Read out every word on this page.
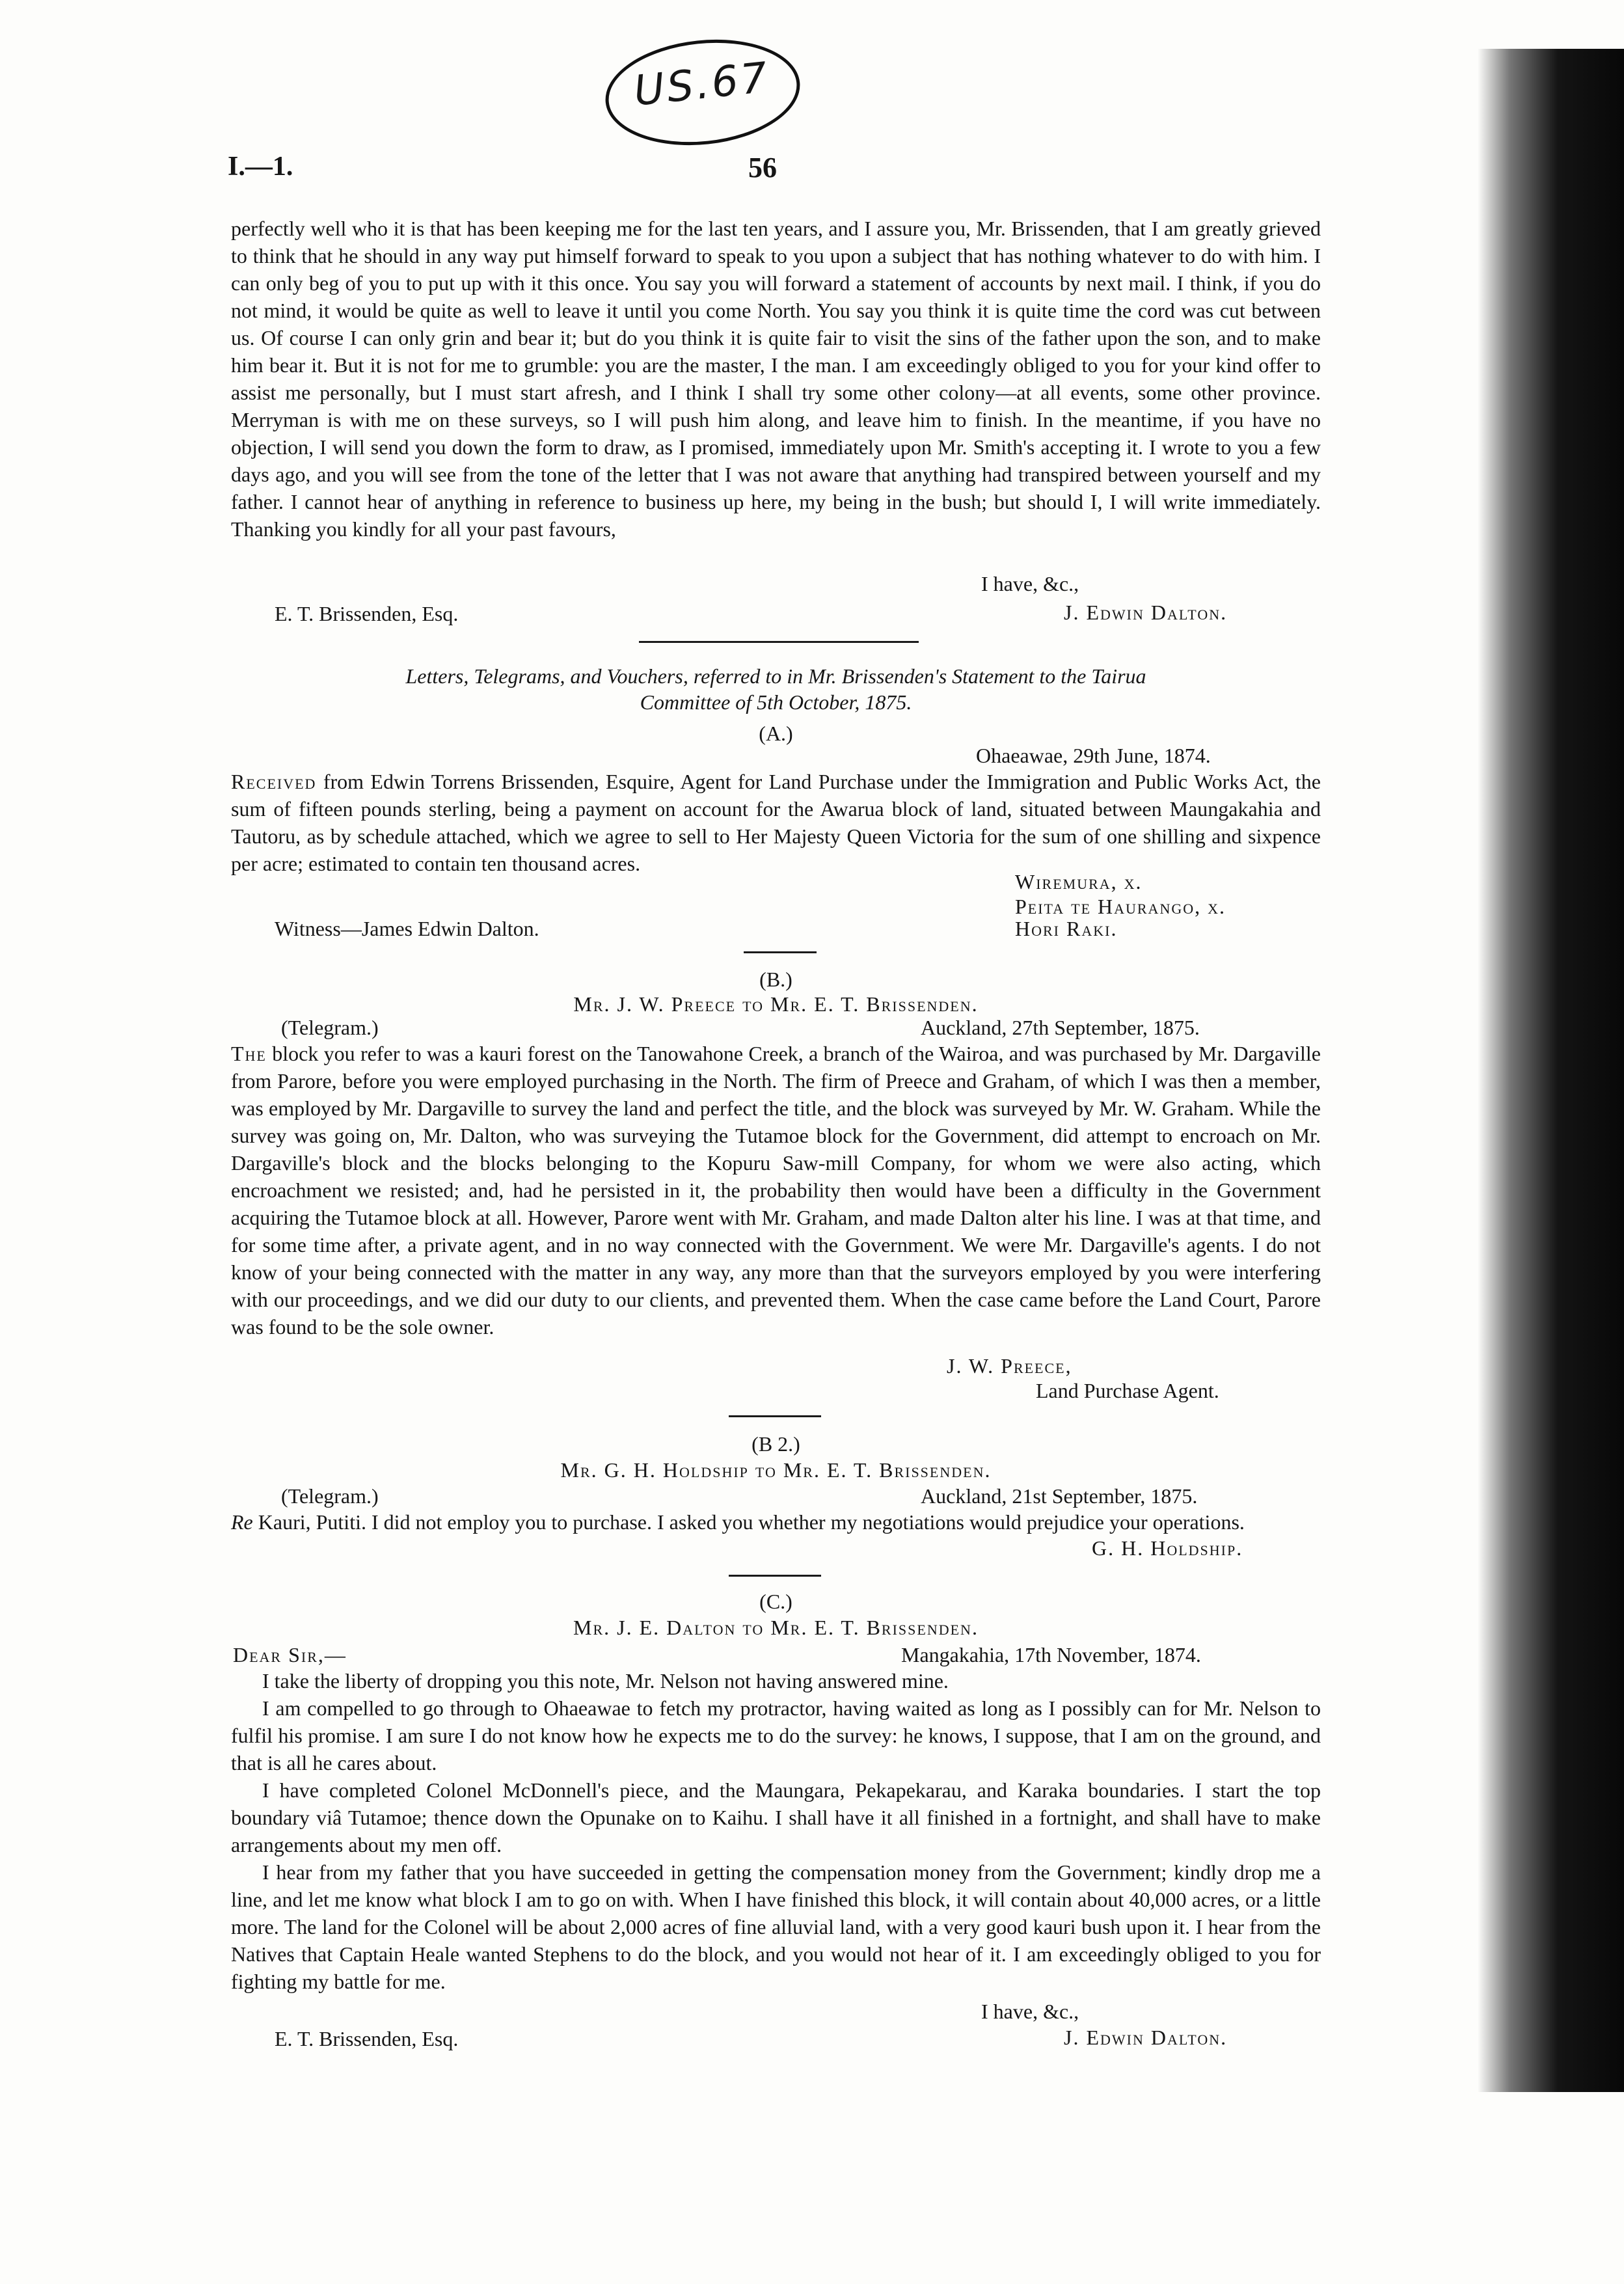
US.67
I.—1.	56
perfectly well who it is that has been keeping me for the last ten years, and I assure you, Mr. Brissenden, that I am greatly grieved to think that he should in any way put himself forward to speak to you upon a subject that has nothing whatever to do with him. I can only beg of you to put up with it this once. You say you will forward a statement of accounts by next mail. I think, if you do not mind, it would be quite as well to leave it until you come North. You say you think it is quite time the cord was cut between us. Of course I can only grin and bear it; but do you think it is quite fair to visit the sins of the father upon the son, and to make him bear it. But it is not for me to grumble: you are the master, I the man. I am exceedingly obliged to you for your kind offer to assist me personally, but I must start afresh, and I think I shall try some other colony—at all events, some other province. Merryman is with me on these surveys, so I will push him along, and leave him to finish. In the meantime, if you have no objection, I will send you down the form to draw, as I promised, immediately upon Mr. Smith's accepting it. I wrote to you a few days ago, and you will see from the tone of the letter that I was not aware that anything had transpired between yourself and my father. I cannot hear of anything in reference to business up here, my being in the bush; but should I, I will write immediately. Thanking you kindly for all your past favours,
I have, &c.,
E. T. Brissenden, Esq.	J. Edwin Dalton.
Letters, Telegrams, and Vouchers, referred to in Mr. Brissenden's Statement to the Tairua
Committee of 5th October, 1875.
(A.)
Ohaeawae, 29th June, 1874.
Received from Edwin Torrens Brissenden, Esquire, Agent for Land Purchase under the Immigration and Public Works Act, the sum of fifteen pounds sterling, being a payment on account for the Awarua block of land, situated between Maungakahia and Tautoru, as by schedule attached, which we agree to sell to Her Majesty Queen Victoria for the sum of one shilling and sixpence per acre; estimated to contain ten thousand acres.
Wiremura, x.
Peita te Haurango, x.
Witness—James Edwin Dalton.	Hori Raki.
(B.)
Mr. J. W. Preece to Mr. E. T. Brissenden.
(Telegram.)	Auckland, 27th September, 1875.
The block you refer to was a kauri forest on the Tanowahone Creek, a branch of the Wairoa, and was purchased by Mr. Dargaville from Parore, before you were employed purchasing in the North. The firm of Preece and Graham, of which I was then a member, was employed by Mr. Dargaville to survey the land and perfect the title, and the block was surveyed by Mr. W. Graham. While the survey was going on, Mr. Dalton, who was surveying the Tutamoe block for the Government, did attempt to encroach on Mr. Dargaville's block and the blocks belonging to the Kopuru Saw-mill Company, for whom we were also acting, which encroachment we resisted; and, had he persisted in it, the probability then would have been a difficulty in the Government acquiring the Tutamoe block at all. However, Parore went with Mr. Graham, and made Dalton alter his line. I was at that time, and for some time after, a private agent, and in no way connected with the Government. We were Mr. Dargaville's agents. I do not know of your being connected with the matter in any way, any more than that the surveyors employed by you were interfering with our proceedings, and we did our duty to our clients, and prevented them. When the case came before the Land Court, Parore was found to be the sole owner.
J. W. Preece,
Land Purchase Agent.
(B 2.)
Mr. G. H. Holdship to Mr. E. T. Brissenden.
(Telegram.)	Auckland, 21st September, 1875.
Re Kauri, Putiti. I did not employ you to purchase. I asked you whether my negotiations would prejudice your operations.
G. H. Holdship.
(C.)
Mr. J. E. Dalton to Mr. E. T. Brissenden.
Dear Sir,—	Mangakahia, 17th November, 1874.
I take the liberty of dropping you this note, Mr. Nelson not having answered mine.
I am compelled to go through to Ohaeawae to fetch my protractor, having waited as long as I possibly can for Mr. Nelson to fulfil his promise. I am sure I do not know how he expects me to do the survey: he knows, I suppose, that I am on the ground, and that is all he cares about.
I have completed Colonel McDonnell's piece, and the Maungara, Pekapekarau, and Karaka boundaries. I start the top boundary viâ Tutamoe; thence down the Opunake on to Kaihu. I shall have it all finished in a fortnight, and shall have to make arrangements about my men off.
I hear from my father that you have succeeded in getting the compensation money from the Government; kindly drop me a line, and let me know what block I am to go on with. When I have finished this block, it will contain about 40,000 acres, or a little more. The land for the Colonel will be about 2,000 acres of fine alluvial land, with a very good kauri bush upon it. I hear from the Natives that Captain Heale wanted Stephens to do the block, and you would not hear of it. I am exceedingly obliged to you for fighting my battle for me.
I have, &c.,
E. T. Brissenden, Esq.	J. Edwin Dalton.
